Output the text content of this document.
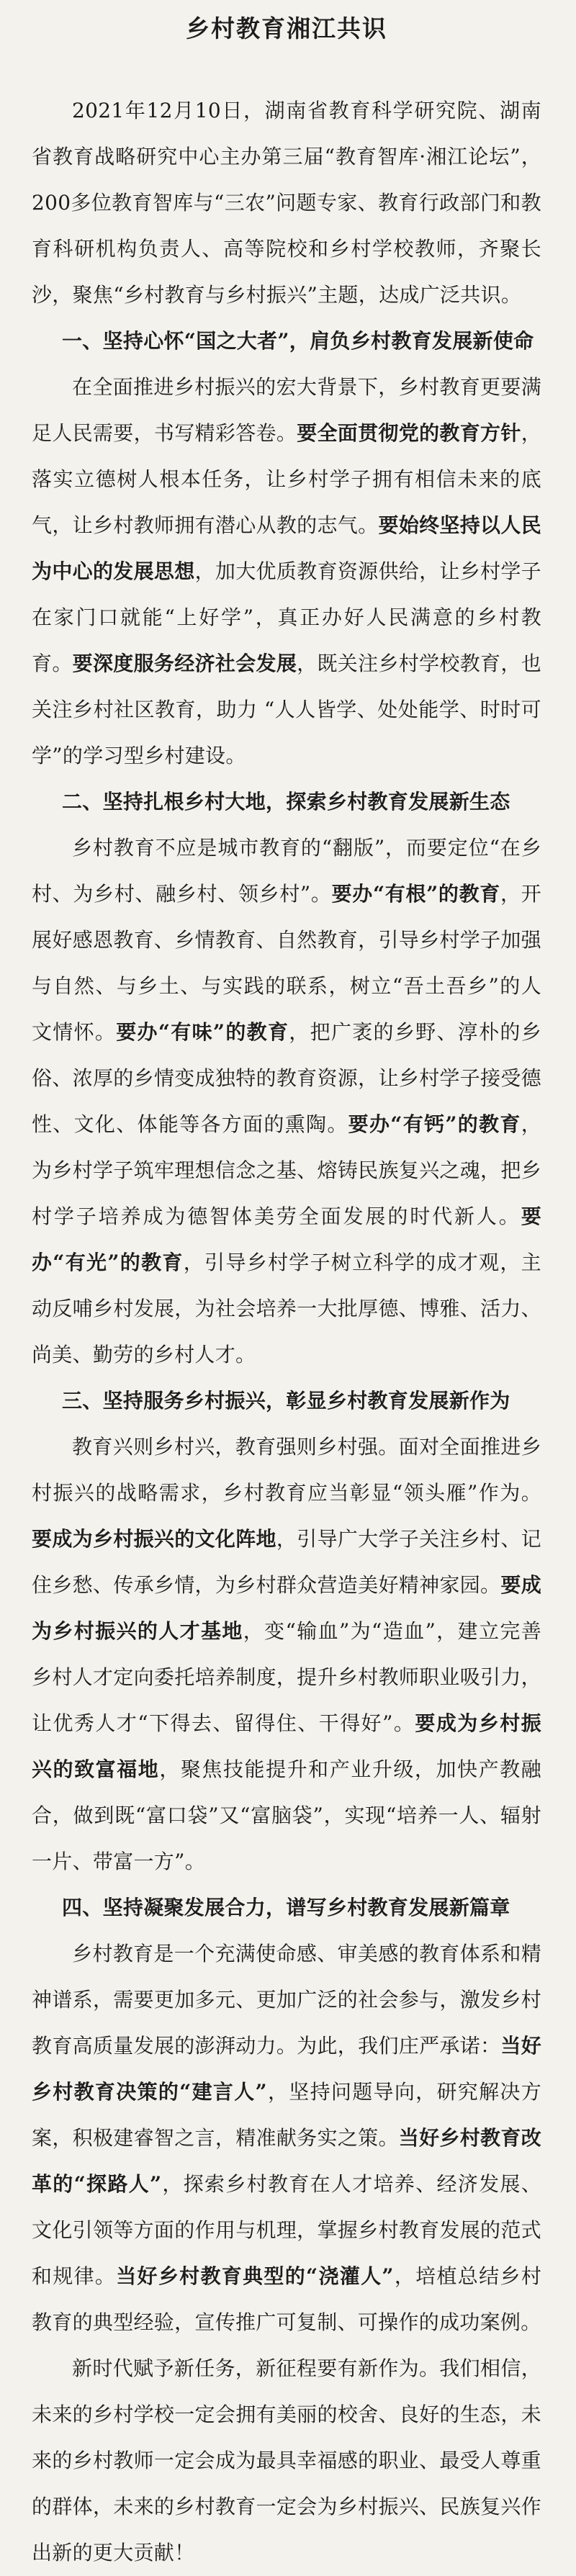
乡村教育湘江共识

2021年12月10日，湖南省教育科学研究院、湖南省教育战略研究中心主办第三届“教育智库·湘江论坛”，200多位教育智库与“三农”问题专家、教育行政部门和教育科研机构负责人、高等院校和乡村学校教师，齐聚长沙，聚焦“乡村教育与乡村振兴”主题，达成广泛共识。

一、坚持心怀“国之大者”，肩负乡村教育发展新使命

在全面推进乡村振兴的宏大背景下，乡村教育更要满足人民需要，书写精彩答卷。要全面贯彻党的教育方针，落实立德树人根本任务，让乡村学子拥有相信未来的底气，让乡村教师拥有潜心从教的志气。要始终坚持以人民为中心的发展思想，加大优质教育资源供给，让乡村学子在家门口就能“上好学”，真正办好人民满意的乡村教育。要深度服务经济社会发展，既关注乡村学校教育，也关注乡村社区教育，助力 “人人皆学、处处能学、时时可学”的学习型乡村建设。

二、坚持扎根乡村大地，探索乡村教育发展新生态

乡村教育不应是城市教育的“翻版”，而要定位“在乡村、为乡村、融乡村、领乡村”。要办“有根”的教育，开展好感恩教育、乡情教育、自然教育，引导乡村学子加强与自然、与乡土、与实践的联系，树立“吾土吾乡”的人文情怀。要办“有味”的教育，把广袤的乡野、淳朴的乡俗、浓厚的乡情变成独特的教育资源，让乡村学子接受德性、文化、体能等各方面的熏陶。要办“有钙”的教育，为乡村学子筑牢理想信念之基、熔铸民族复兴之魂，把乡村学子培养成为德智体美劳全面发展的时代新人。要办“有光”的教育，引导乡村学子树立科学的成才观，主动反哺乡村发展，为社会培养一大批厚德、博雅、活力、尚美、勤劳的乡村人才。

三、坚持服务乡村振兴，彰显乡村教育发展新作为

教育兴则乡村兴，教育强则乡村强。面对全面推进乡村振兴的战略需求，乡村教育应当彰显“领头雁”作为。要成为乡村振兴的文化阵地，引导广大学子关注乡村、记住乡愁、传承乡情，为乡村群众营造美好精神家园。要成为乡村振兴的人才基地，变“输血”为“造血”，建立完善乡村人才定向委托培养制度，提升乡村教师职业吸引力，让优秀人才“下得去、留得住、干得好”。要成为乡村振兴的致富福地，聚焦技能提升和产业升级，加快产教融合，做到既“富口袋”又“富脑袋”，实现“培养一人、辐射一片、带富一方”。

四、坚持凝聚发展合力，谱写乡村教育发展新篇章

乡村教育是一个充满使命感、审美感的教育体系和精神谱系，需要更加多元、更加广泛的社会参与，激发乡村教育高质量发展的澎湃动力。为此，我们庄严承诺：当好乡村教育决策的“建言人”，坚持问题导向，研究解决方案，积极建睿智之言，精准献务实之策。当好乡村教育改革的“探路人”，探索乡村教育在人才培养、经济发展、文化引领等方面的作用与机理，掌握乡村教育发展的范式和规律。当好乡村教育典型的“浇灌人”，培植总结乡村教育的典型经验，宣传推广可复制、可操作的成功案例。

新时代赋予新任务，新征程要有新作为。我们相信，未来的乡村学校一定会拥有美丽的校舍、良好的生态，未来的乡村教师一定会成为最具幸福感的职业、最受人尊重的群体，未来的乡村教育一定会为乡村振兴、民族复兴作出新的更大贡献！
